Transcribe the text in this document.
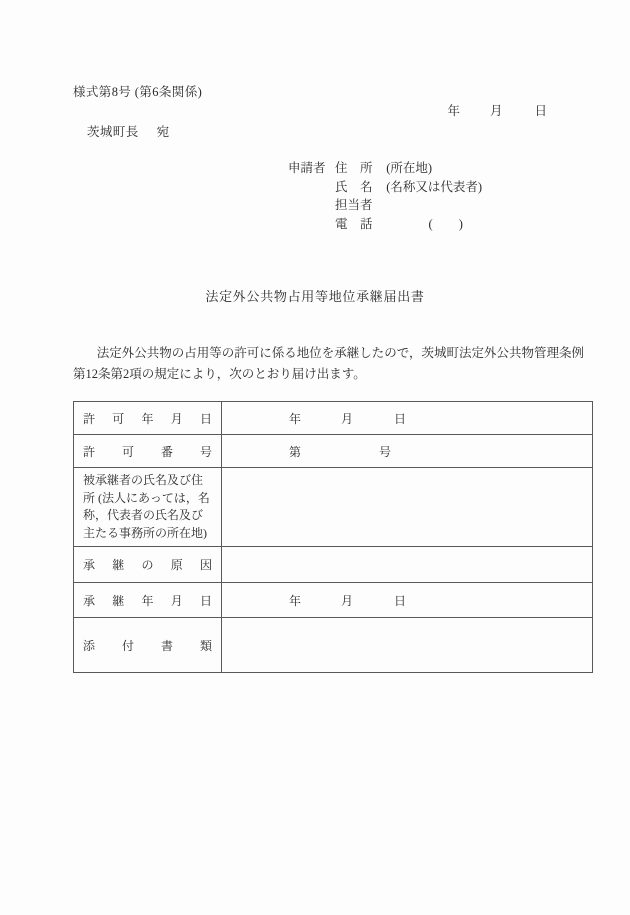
様式第8号 (第6条関係)
年 月	日
茨城町長 宛
申請者 住　所 (所在地)
氏　名 (名称又は代表者)
担当者
電　話	( )
法定外公共物占用等地位承継届出書
法定外公共物の占用等の許可に係る地位を承継したので，茨城町法定外公共物管理条例
第12条第2項の規定により，次のとおり届け出ます。
許 可 年 月 日	年 月 日

許 可 番 号	第 号

被承継者の氏名及び住所 (法人にあっては，名称，代表者の氏名及び主たる事務所の所在地)	

承 継 の 原 因	

承 継 年 月 日	年 月 日

添 付 書 類	
